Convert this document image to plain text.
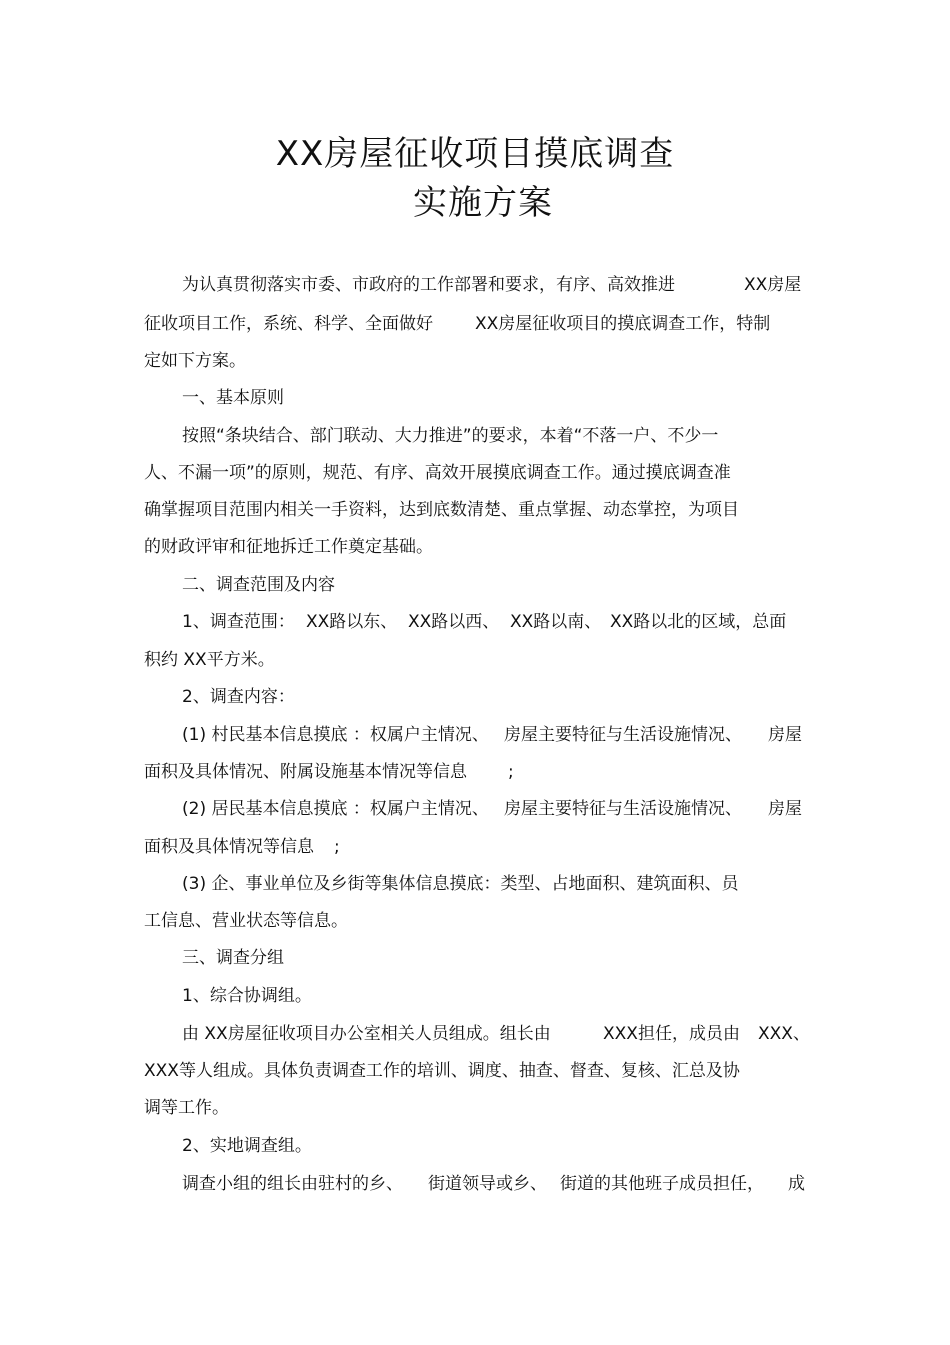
XX房屋征收项目摸底调查
实施方案
为认真贯彻落实市委、市政府的工作部署和要求，有序、高效推进	XX房屋
征收项目工作，系统、科学、全面做好 XX房屋征收项目的摸底调查工作，特制
定如下方案。
一、基本原则
按照“条块结合、部门联动、大力推进”的要求，本着“不落一户、不少一
人、不漏一项”的原则，规范、有序、高效开展摸底调查工作。通过摸底调查准
确掌握项目范围内相关一手资料，达到底数清楚、重点掌握、动态掌控，为项目
的财政评审和征地拆迁工作奠定基础。
二、调查范围及内容
1、调查范围： XX路以东、 XX路以西、 XX路以南、 XX路以北的区域，总面
积约 XX平方米。
2、调查内容：
(1) 村民基本信息摸底 ：权属户主情况、 房屋主要特征与生活设施情况、 房屋
面积及具体情况、附属设施基本情况等信息 ;
(2) 居民基本信息摸底 ：权属户主情况、 房屋主要特征与生活设施情况、 房屋
面积及具体情况等信息 ;
(3) 企、事业单位及乡街等集体信息摸底：类型、占地面积、建筑面积、员
工信息、营业状态等信息。
三、调查分组
1、综合协调组。
由 XX房屋征收项目办公室相关人员组成。组长由	XXX担任，成员由 XXX、
XXX等人组成。具体负责调查工作的培训、调度、抽查、督查、复核、汇总及协
调等工作。
2、实地调查组。
调查小组的组长由驻村的乡、 街道领导或乡、 街道的其他班子成员担任， 成
